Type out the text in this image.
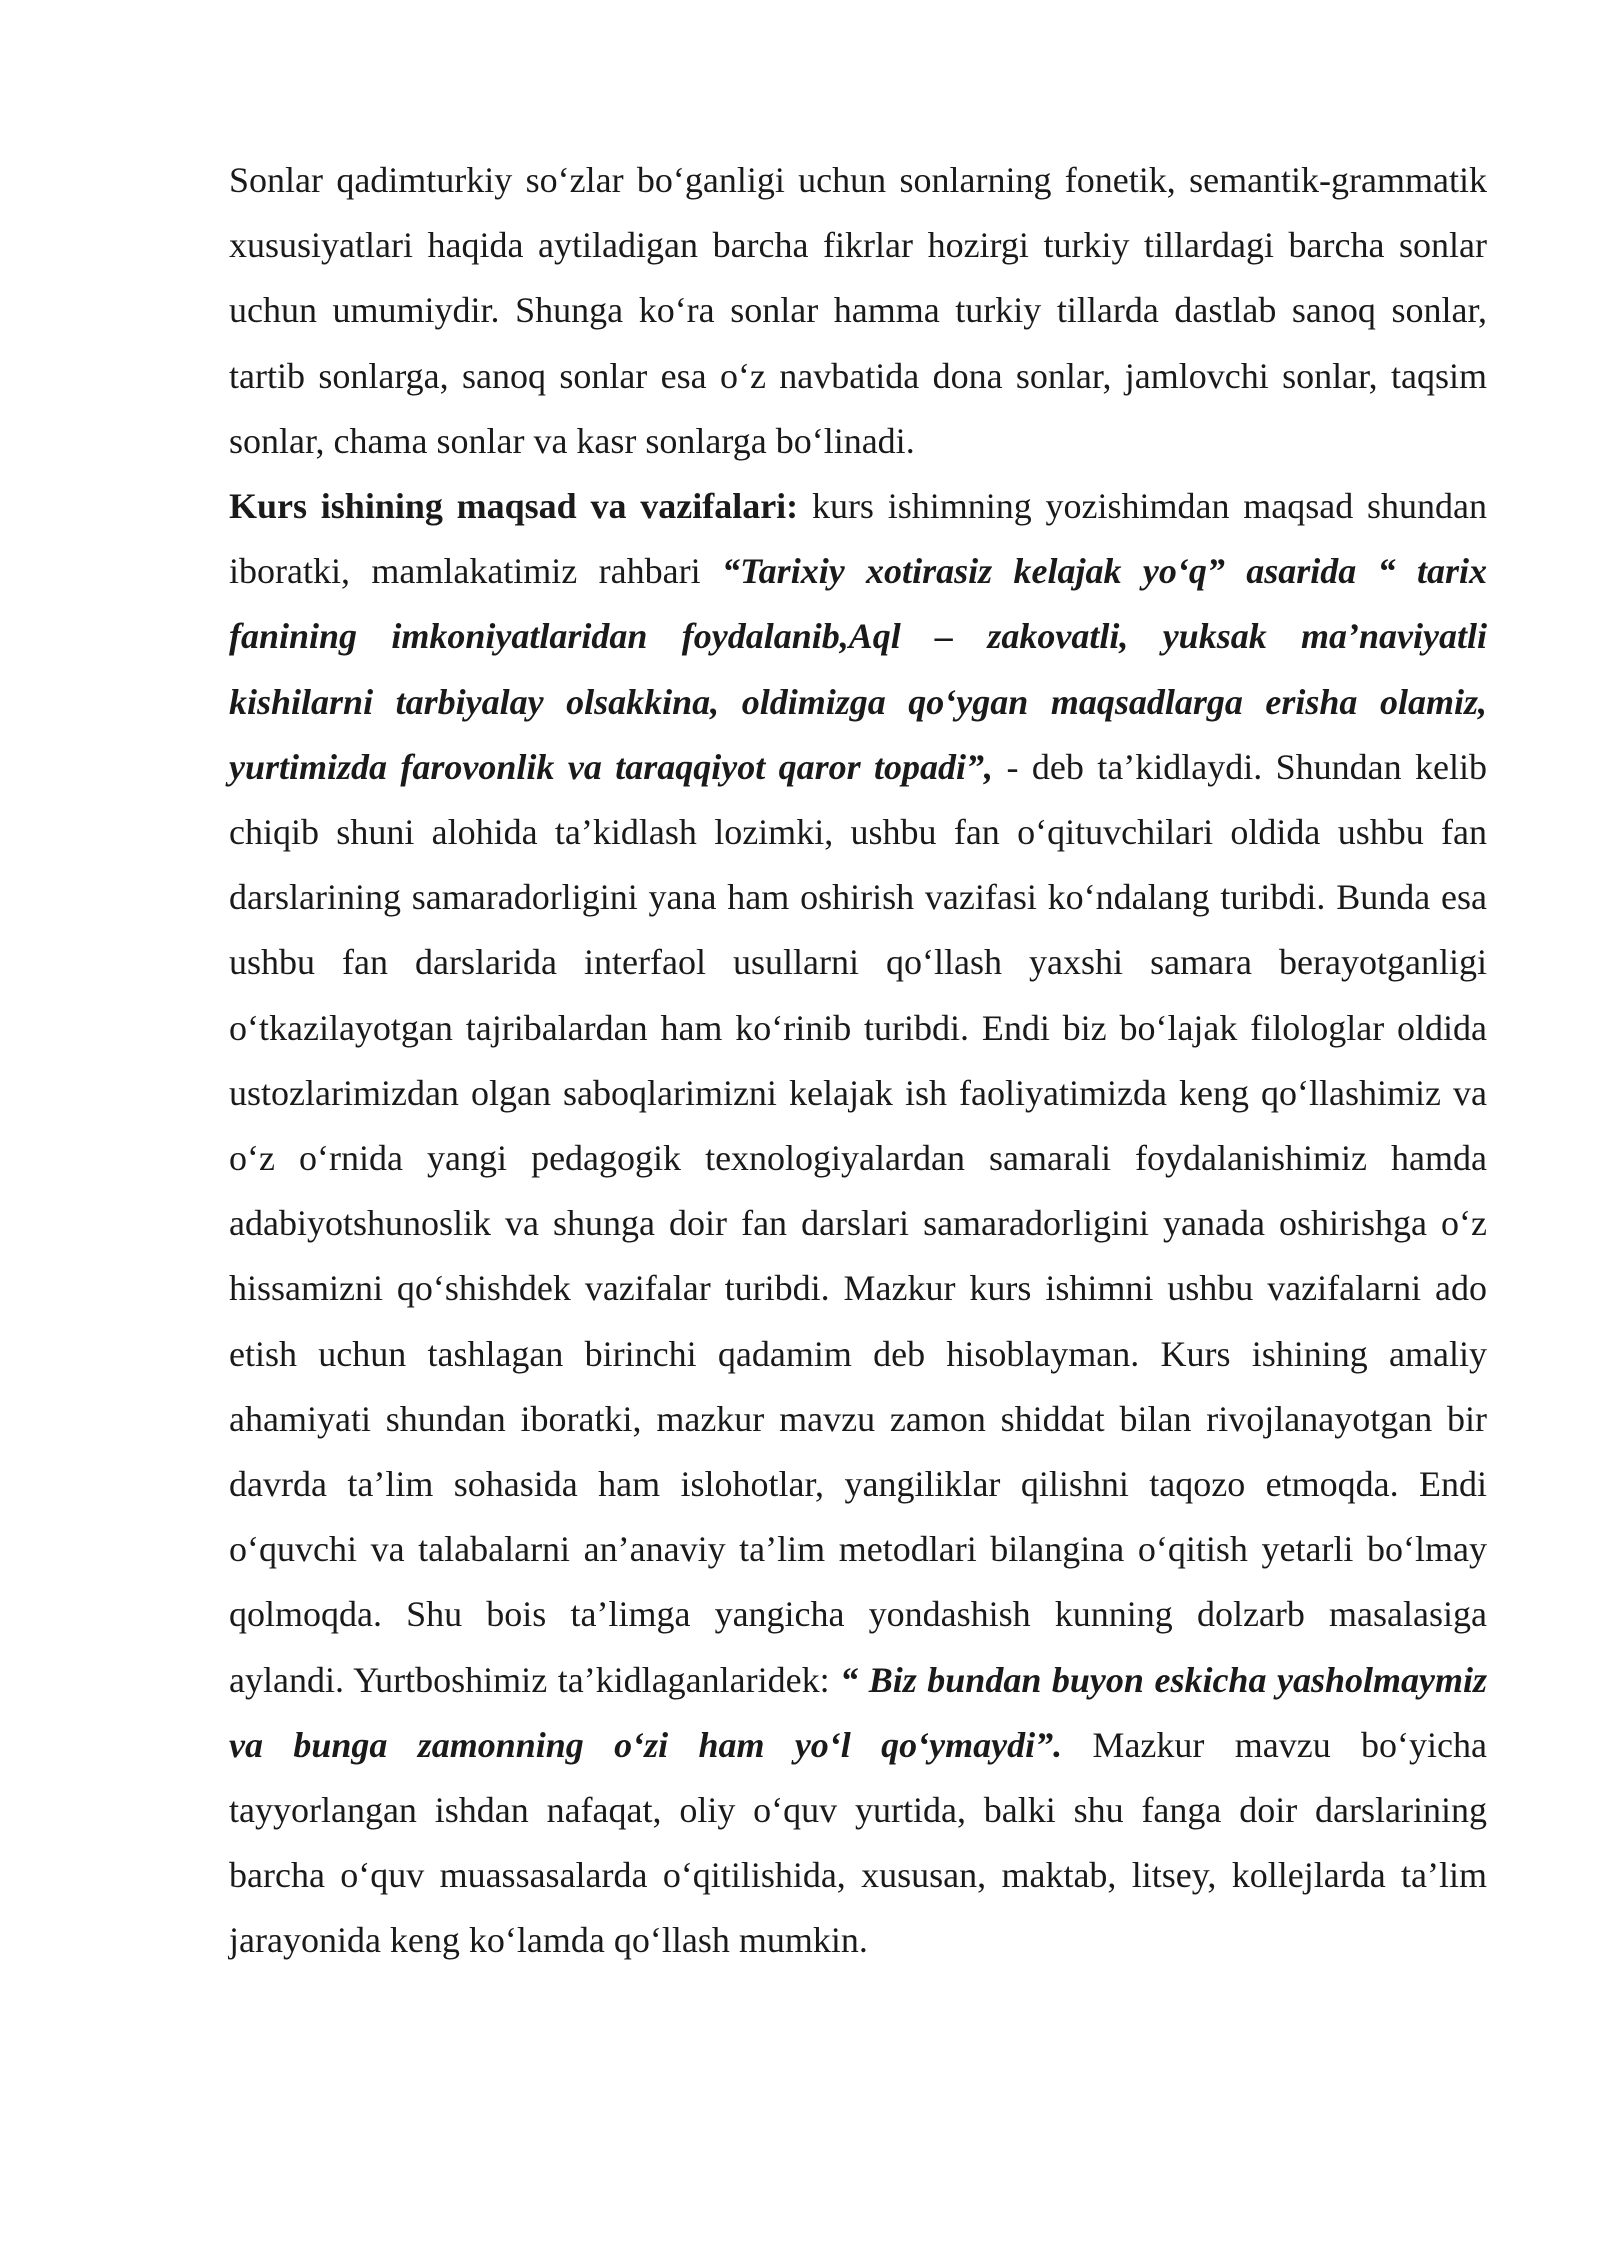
Sonlar qadimturkiy so‘zlar bo‘ganligi uchun sonlarning fonetik, semantik-grammatik xususiyatlari haqida aytiladigan barcha fikrlar hozirgi turkiy tillardagi barcha sonlar uchun umumiydir. Shunga ko‘ra sonlar hamma turkiy tillarda dastlab sanoq sonlar, tartib sonlarga, sanoq sonlar esa o‘z navbatida dona sonlar, jamlovchi sonlar, taqsim sonlar, chama sonlar va kasr sonlarga bo‘linadi.

Kurs ishining maqsad va vazifalari: kurs ishimning yozishimdan maqsad shundan iboratki, mamlakatimiz rahbari “Tarixiy xotirasiz kelajak yo‘q” asarida “ tarix fanining imkoniyatlaridan foydalanib,Aql – zakovatli, yuksak ma’naviyatli kishilarni tarbiyalay olsakkina, oldimizga qo‘ygan maqsadlarga erisha olamiz, yurtimizda farovonlik va taraqqiyot qaror topadi”, - deb ta’kidlaydi. Shundan kelib chiqib shuni alohida ta’kidlash lozimki, ushbu fan o‘qituvchilari oldida ushbu fan darslarining samaradorligini yana ham oshirish vazifasi ko‘ndalang turibdi. Bunda esa ushbu fan darslarida interfaol usullarni qo‘llash yaxshi samara berayotganligi o‘tkazilayotgan tajribalardan ham ko‘rinib turibdi. Endi biz bo‘lajak filologlar oldida ustozlarimizdan olgan saboqlarimizni kelajak ish faoliyatimizda keng qo‘llashimiz va o‘z o‘rnida yangi pedagogik texnologiyalardan samarali foydalanishimiz hamda adabiyotshunoslik va shunga doir fan darslari samaradorligini yanada oshirishga o‘z hissamizni qo‘shishdek vazifalar turibdi. Mazkur kurs ishimni ushbu vazifalarni ado etish uchun tashlagan birinchi qadamim deb hisoblayman. Kurs ishining amaliy ahamiyati shundan iboratki, mazkur mavzu zamon shiddat bilan rivojlanayotgan bir davrda ta’lim sohasida ham islohotlar, yangiliklar qilishni taqozo etmoqda. Endi o‘quvchi va talabalarni an’anaviy ta’lim metodlari bilangina o‘qitish yetarli bo‘lmay qolmoqda. Shu bois ta’limga yangicha yondashish kunning dolzarb masalasiga aylandi. Yurtboshimiz ta’kidlaganlaridek: “ Biz bundan buyon eskicha yasholmaymiz va bunga zamonning o‘zi ham yo‘l qo‘ymaydi”. Mazkur mavzu bo‘yicha tayyorlangan ishdan nafaqat, oliy o‘quv yurtida, balki shu fanga doir darslarining barcha o‘quv muassasalarda o‘qitilishida, xususan, maktab, litsey, kollejlarda ta’lim jarayonida keng ko‘lamda qo‘llash mumkin.
